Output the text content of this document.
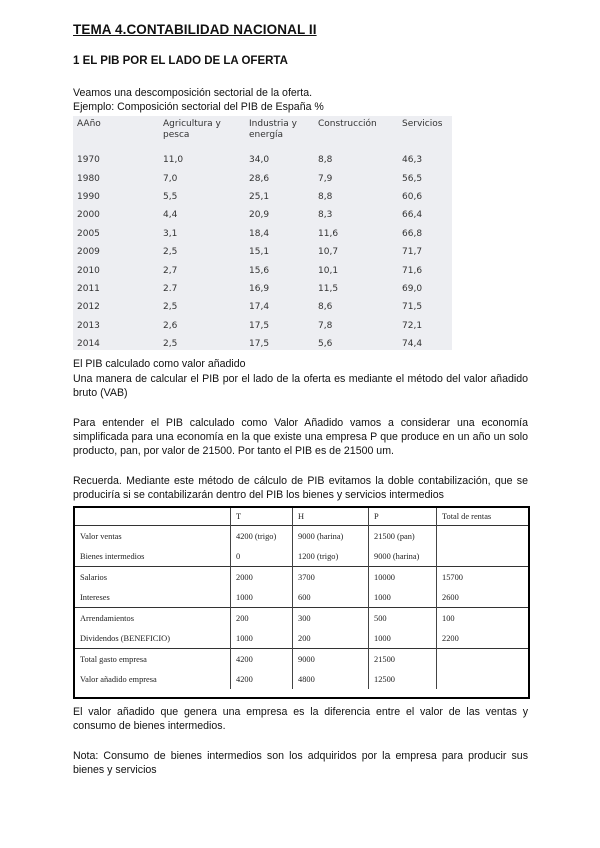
TEMA 4.CONTABILIDAD NACIONAL II
1 EL PIB POR EL LADO DE LA OFERTA
Veamos una descomposición sectorial de la oferta.
Ejemplo: Composición sectorial del PIB de España %
AAño	Agricultura y pesca	Industria y energía	Construcción	Servicios
1970	11,0	34,0	8,8	46,3
1980	7,0	28,6	7,9	56,5
1990	5,5	25,1	8,8	60,6
2000	4,4	20,9	8,3	66,4
2005	3,1	18,4	11,6	66,8
2009	2,5	15,1	10,7	71,7
2010	2,7	15,6	10,1	71,6
2011	2.7	16,9	11,5	69,0
2012	2,5	17,4	8,6	71,5
2013	2,6	17,5	7,8	72,1
2014	2,5	17,5	5,6	74,4
El PIB calculado como valor añadido
Una manera de calcular el PIB por el lado de la oferta es mediante el método del valor añadido bruto (VAB)
Para entender el PIB calculado como Valor Añadido vamos a considerar una economía simplificada para una economía en la que existe una empresa P que produce en un año un solo producto, pan, por valor de 21500. Por tanto el PIB es de 21500 um.
Recuerda. Mediante este método de cálculo de PIB evitamos la doble contabilización, que se produciría si se contabilizarán dentro del PIB los bienes y servicios intermedios
	T	H	P	Total de rentas
Valor ventas	4200 (trigo)	9000 (harina)	21500 (pan)	
Bienes intermedios	0	1200 (trigo)	9000 (harina)	
Salarios	2000	3700	10000	15700
Intereses	1000	600	1000	2600
Arrendamientos	200	300	500	100
Dividendos (BENEFICIO)	1000	200	1000	2200
Total gasto empresa	4200	9000	21500	
Valor añadido empresa	4200	4800	12500	
El valor añadido que genera una empresa es la diferencia entre el valor de las ventas y consumo de bienes intermedios.
Nota: Consumo de bienes intermedios son los adquiridos por la empresa para producir sus bienes y servicios
